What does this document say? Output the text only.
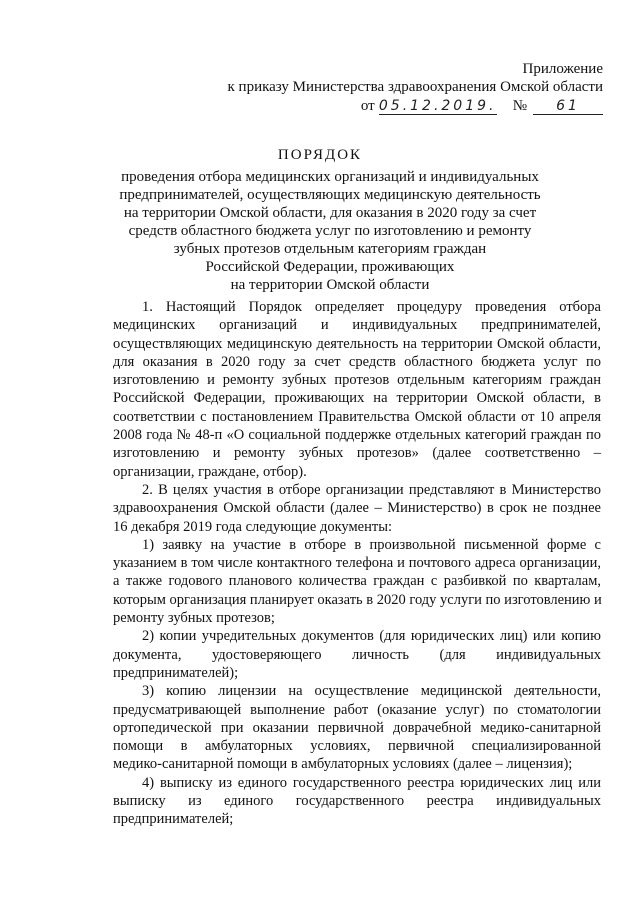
Приложение
к приказу Министерства здравоохранения Омской области
от 05.12.2019. №	61
ПОРЯДОК
проведения отбора медицинских организаций и индивидуальных
предпринимателей, осуществляющих медицинскую деятельность
на территории Омской области, для оказания в 2020 году за счет
средств областного бюджета услуг по изготовлению и ремонту
зубных протезов отдельным категориям граждан
Российской Федерации, проживающих
на территории Омской области
1. Настоящий Порядок определяет процедуру проведения отбора
медицинских организаций и индивидуальных предпринимателей,
осуществляющих медицинскую деятельность на территории Омской области,
для оказания в 2020 году за счет средств областного бюджета услуг по
изготовлению и ремонту зубных протезов отдельным категориям граждан
Российской Федерации, проживающих на территории Омской области, в
соответствии с постановлением Правительства Омской области от 10 апреля
2008 года № 48-п «О социальной поддержке отдельных категорий граждан по
изготовлению и ремонту зубных протезов» (далее соответственно –
организации, граждане, отбор).
2. В целях участия в отборе организации представляют в Министерство
здравоохранения Омской области (далее – Министерство) в срок не позднее
16 декабря 2019 года следующие документы:
1) заявку на участие в отборе в произвольной письменной форме с
указанием в том числе контактного телефона и почтового адреса организации,
а также годового планового количества граждан с разбивкой по кварталам,
которым организация планирует оказать в 2020 году услуги по изготовлению и
ремонту зубных протезов;
2) копии учредительных документов (для юридических лиц) или копию
документа, удостоверяющего личность (для индивидуальных
предпринимателей);
3) копию лицензии на осуществление медицинской деятельности,
предусматривающей выполнение работ (оказание услуг) по стоматологии
ортопедической при оказании первичной доврачебной медико-санитарной
помощи в амбулаторных условиях, первичной специализированной
медико-санитарной помощи в амбулаторных условиях (далее – лицензия);
4) выписку из единого государственного реестра юридических лиц или
выписку из единого государственного реестра индивидуальных
предпринимателей;
